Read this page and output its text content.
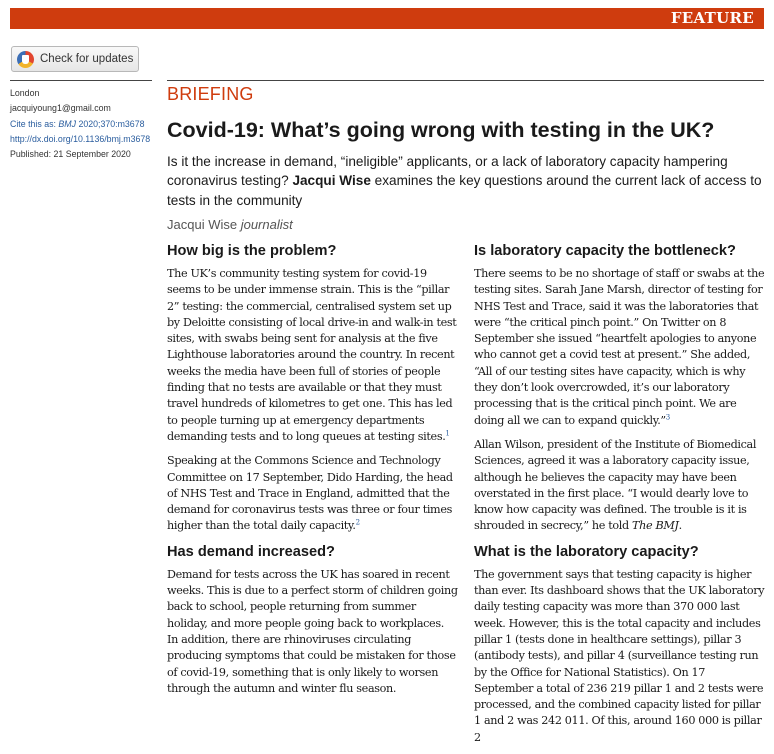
FEATURE
Check for updates
London
jacquiyoung1@gmail.com
Cite this as: BMJ 2020;370:m3678
http://dx.doi.org/10.1136/bmj.m3678
Published: 21 September 2020
BRIEFING
Covid-19: What’s going wrong with testing in the UK?
Is it the increase in demand, “ineligible” applicants, or a lack of laboratory capacity hampering coronavirus testing? Jacqui Wise examines the key questions around the current lack of access to tests in the community
Jacqui Wise journalist
How big is the problem?

The UK’s community testing system for covid-19 seems to be under immense strain. This is the “pillar 2” testing: the commercial, centralised system set up by Deloitte consisting of local drive-in and walk-in test sites, with swabs being sent for analysis at the five Lighthouse laboratories around the country. In recent weeks the media have been full of stories of people finding that no tests are available or that they must travel hundreds of kilometres to get one. This has led to people turning up at emergency departments demanding tests and to long queues at testing sites.$^1$

Speaking at the Commons Science and Technology Committee on 17 September, Dido Harding, the head of NHS Test and Trace in England, admitted that the demand for coronavirus tests was three or four times higher than the total daily capacity.$^2$

Has demand increased?

Demand for tests across the UK has soared in recent weeks. This is due to a perfect storm of children going back to school, people returning from summer holiday, and more people going back to workplaces. In addition, there are rhinoviruses circulating producing symptoms that could be mistaken for those of covid-19, something that is only likely to worsen through the autumn and winter flu season.

Is laboratory capacity the bottleneck?

There seems to be no shortage of staff or swabs at the testing sites. Sarah Jane Marsh, director of testing for NHS Test and Trace, said it was the laboratories that were “the critical pinch point.” On Twitter on 8 September she issued “heartfelt apologies to anyone who cannot get a covid test at present.” She added, “All of our testing sites have capacity, which is why they don’t look overcrowded, it’s our laboratory processing that is the critical pinch point. We are doing all we can to expand quickly.”$^3$

Allan Wilson, president of the Institute of Biomedical Sciences, agreed it was a laboratory capacity issue, although he believes the capacity may have been overstated in the first place. “I would dearly love to know how capacity was defined. The trouble is it is shrouded in secrecy,” he told The BMJ.

What is the laboratory capacity?

The government says that testing capacity is higher than ever. Its dashboard shows that the UK laboratory daily testing capacity was more than 370 000 last week. However, this is the total capacity and includes pillar 1 (tests done in healthcare settings), pillar 3 (antibody tests), and pillar 4 (surveillance testing run by the Office for National Statistics). On 17 September a total of 236 219 pillar 1 and 2 tests were processed, and the combined capacity listed for pillar 1 and 2 was 242 011. Of this, around 160 000 is pillar 2
